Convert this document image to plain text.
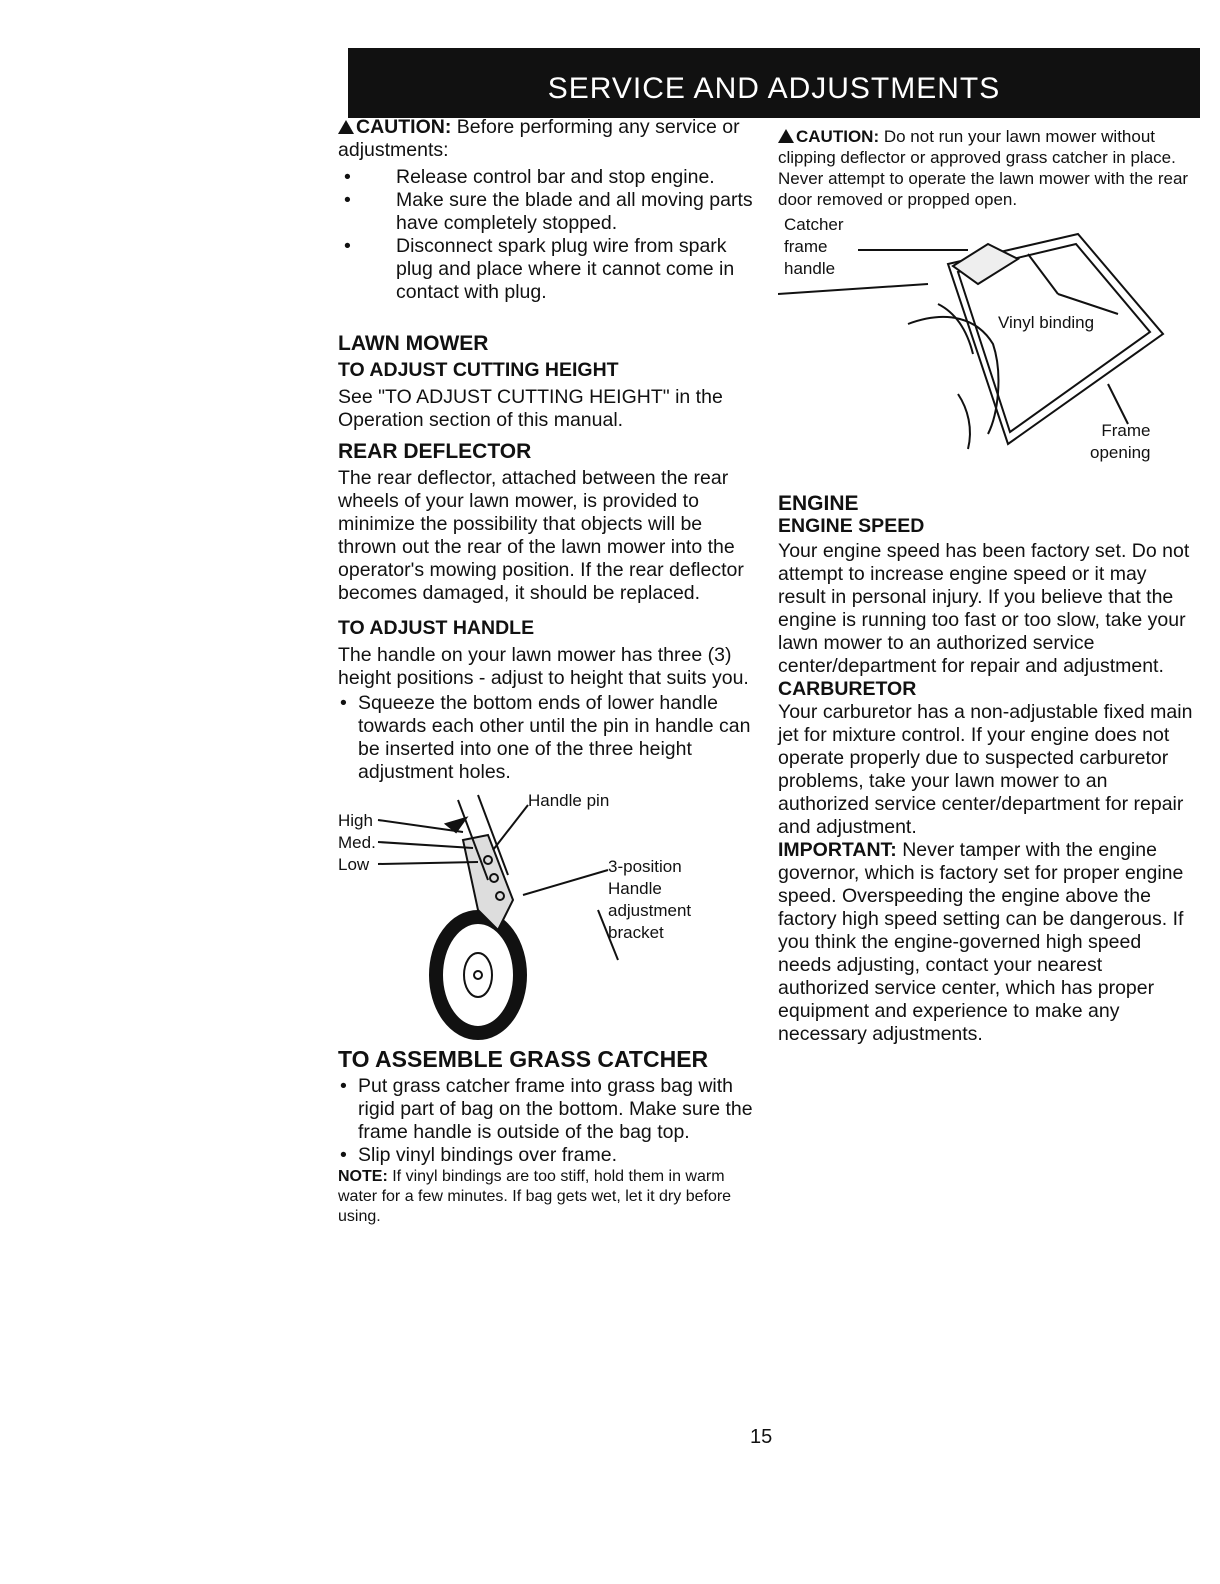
SERVICE AND ADJUSTMENTS

CAUTION: Before performing any service or adjustments:

• Release control bar and stop engine.
• Make sure the blade and all moving parts have completely stopped.
• Disconnect spark plug wire from spark plug and place where it cannot come in contact with plug.
LAWN MOWER
TO ADJUST CUTTING HEIGHT

See "TO ADJUST CUTTING HEIGHT" in the Operation section of this manual.

REAR DEFLECTOR

The rear deflector, attached between the rear wheels of your lawn mower, is provided to minimize the possibility that objects will be thrown out the rear of the lawn mower into the operator's mowing position. If the rear deflector becomes damaged, it should be replaced.

TO ADJUST HANDLE

The handle on your lawn mower has three (3) height positions - adjust to height that suits you.

• Squeeze the bottom ends of lower handle towards each other until the pin in handle can be inserted into one of the three height adjustment holes.
High
Med.
Low
Handle pin
3-position
Handle
adjustment
bracket
TO ASSEMBLE GRASS CATCHER
• Put grass catcher frame into grass bag with rigid part of bag on the bottom. Make sure the frame handle is outside of the bag top.
• Slip vinyl bindings over frame.

NOTE: If vinyl bindings are too stiff, hold them in warm water for a few minutes. If bag gets wet, let it dry before using.

CAUTION: Do not run your lawn mower without clipping deflector or approved grass catcher in place. Never attempt to operate the lawn mower with the rear door removed or propped open.

Catcher
frame
handle
Vinyl binding
Frame
opening
ENGINE
ENGINE SPEED

Your engine speed has been factory set. Do not attempt to increase engine speed or it may result in personal injury. If you believe that the engine is running too fast or too slow, take your lawn mower to an authorized service center/department for repair and adjustment.

CARBURETOR

Your carburetor has a non-adjustable fixed main jet for mixture control. If your engine does not operate properly due to suspected carburetor problems, take your lawn mower to an authorized service center/department for repair and adjustment.

IMPORTANT: Never tamper with the engine governor, which is factory set for proper engine speed. Overspeeding the engine above the factory high speed setting can be dangerous. If you think the engine-governed high speed needs adjusting, contact your nearest authorized service center, which has proper equipment and experience to make any necessary adjustments.

15
